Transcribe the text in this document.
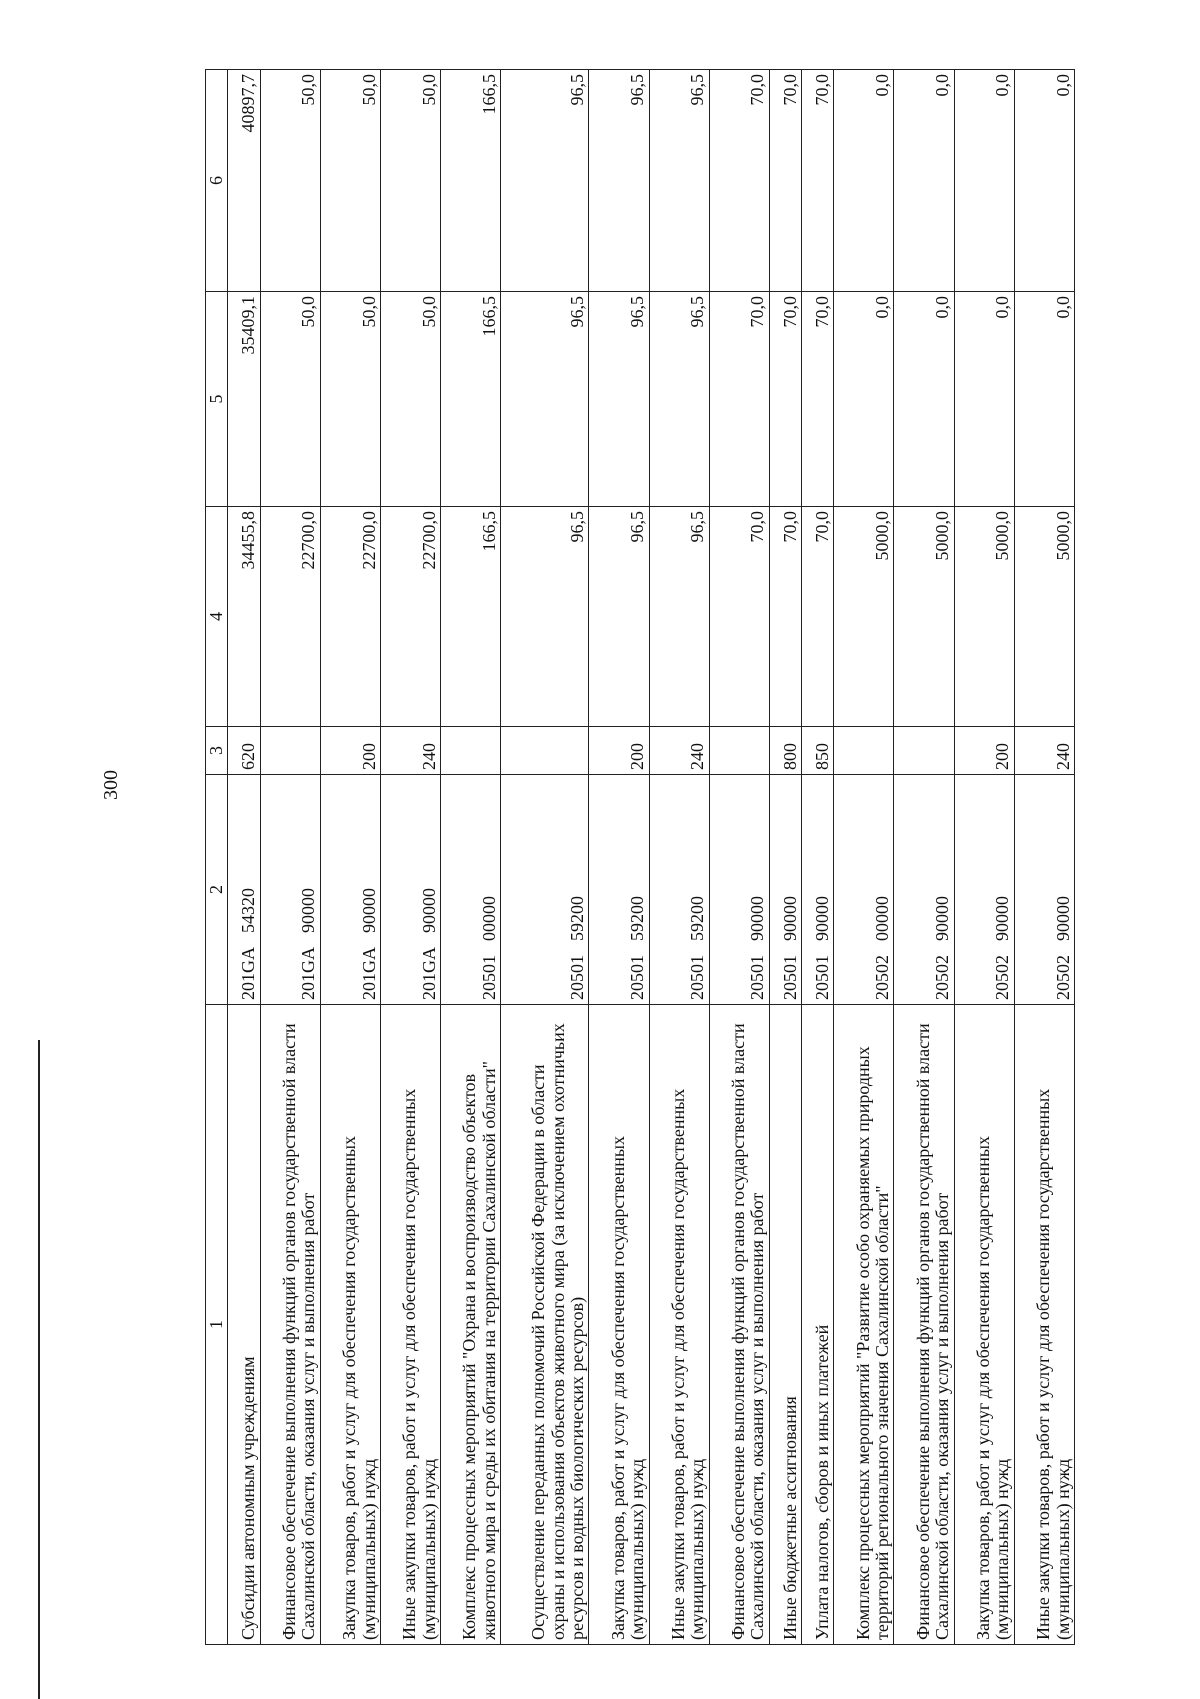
300
1	2	3	4	5	6
Субсидии автономным учреждениям	201GA54320	620	34455,8	35409,1	40897,7
Финансовое обеспечение выполнения функций органов государственной власти Сахалинской области, оказания услуг и выполнения работ	201GA90000		22700,0	50,0	50,0
Закупка товаров, работ и услуг для обеспечения государственных (муниципальных) нужд	201GA90000	200	22700,0	50,0	50,0
Иные закупки товаров, работ и услуг для обеспечения государственных (муниципальных) нужд	201GA90000	240	22700,0	50,0	50,0
Комплекс процессных мероприятий "Охрана и воспроизводство объектов животного мира и среды их обитания на территории Сахалинской области"	2050100000		166,5	166,5	166,5
Осуществление переданных полномочий Российской Федерации в области охраны и использования объектов животного мира (за исключением охотничьих ресурсов и водных биологических ресурсов)	2050159200		96,5	96,5	96,5
Закупка товаров, работ и услуг для обеспечения государственных (муниципальных) нужд	2050159200	200	96,5	96,5	96,5
Иные закупки товаров, работ и услуг для обеспечения государственных (муниципальных) нужд	2050159200	240	96,5	96,5	96,5
Финансовое обеспечение выполнения функций органов государственной власти Сахалинской области, оказания услуг и выполнения работ	2050190000		70,0	70,0	70,0
Иные бюджетные ассигнования	2050190000	800	70,0	70,0	70,0
Уплата налогов, сборов и иных платежей	2050190000	850	70,0	70,0	70,0
Комплекс процессных мероприятий "Развитие особо охраняемых природных территорий регионального значения Сахалинской области"	2050200000		5000,0	0,0	0,0
Финансовое обеспечение выполнения функций органов государственной власти Сахалинской области, оказания услуг и выполнения работ	2050290000		5000,0	0,0	0,0
Закупка товаров, работ и услуг для обеспечения государственных (муниципальных) нужд	2050290000	200	5000,0	0,0	0,0
Иные закупки товаров, работ и услуг для обеспечения государственных (муниципальных) нужд	2050290000	240	5000,0	0,0	0,0
